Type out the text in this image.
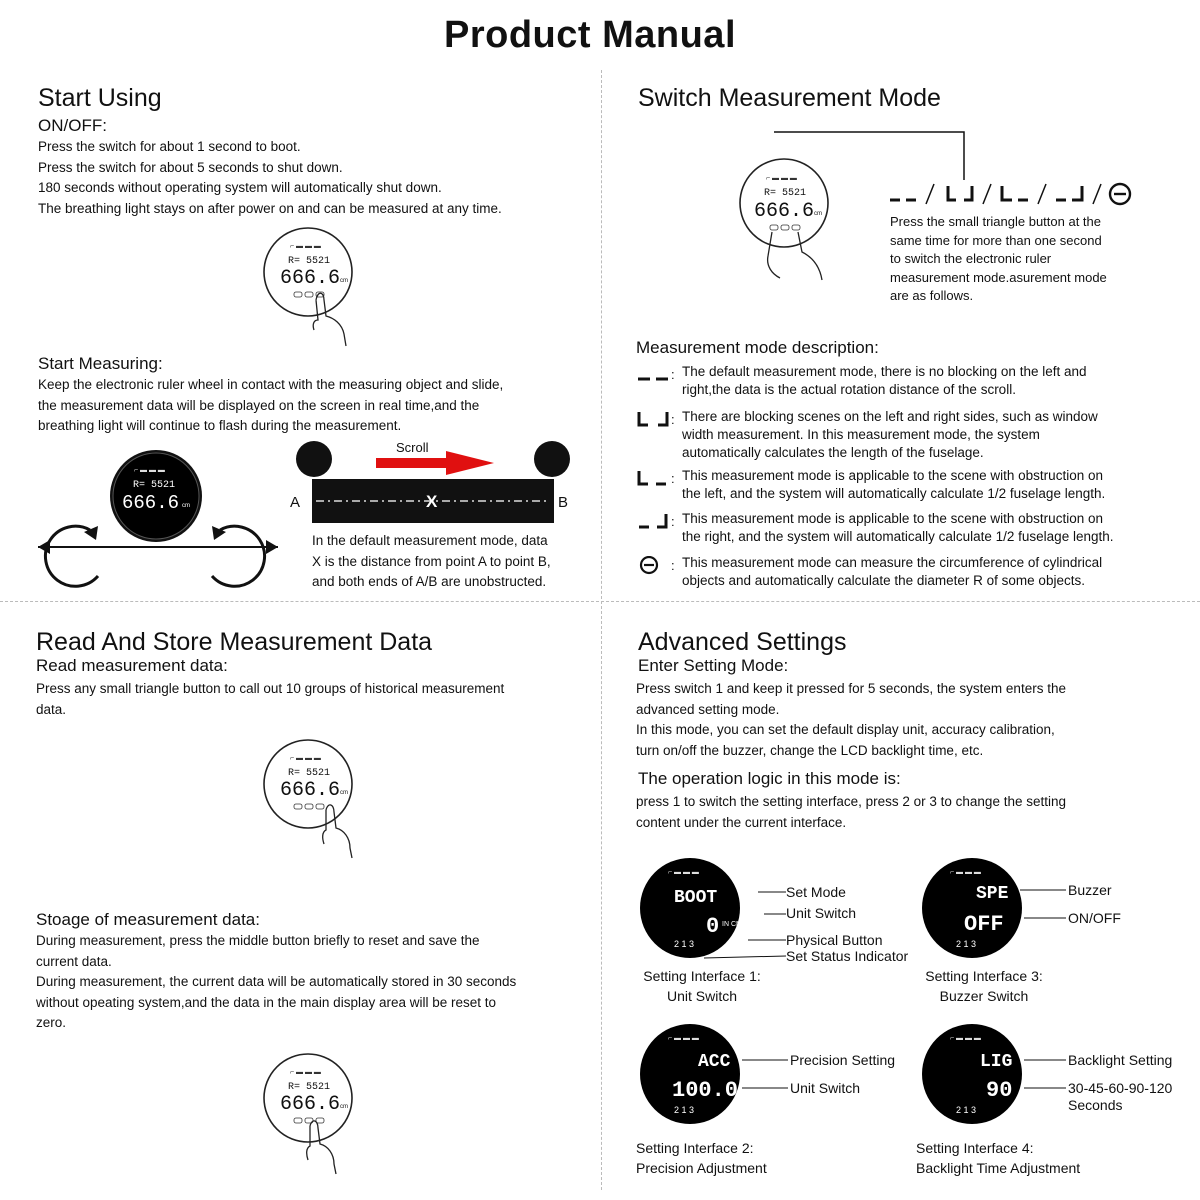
Product Manual
Start Using
ON/OFF:
Press the switch for about 1 second to boot.
Press the switch for about 5 seconds to shut down.
180 seconds without operating system will automatically shut down.
The breathing light stays on after power on and can be measured at any time.
⌐ ▬ ▬ ▬
R= 5521
666.6 cm
Start Measuring:
Keep the electronic ruler wheel in contact with the measuring object and slide,
the measurement data will be displayed on the screen in real time,and the
breathing light will continue to flash during the measurement.
⌐ ▬ ▬ ▬
R= 5521
666.6 cm
Scroll
A	B
X
In the default measurement mode, data
X is the distance from point A to point B,
and both ends of A/B are unobstructed.
Switch Measurement Mode
⌐ ▬ ▬ ▬
R= 5521
666.6 cm	Press the small triangle button at the
same time for more than one second
to switch the electronic ruler
measurement mode.asurement mode
are as follows.
Measurement mode description:
: The default measurement mode, there is no blocking on the left and
right,the data is the actual rotation distance of the scroll.
: There are blocking scenes on the left and right sides, such as window
width measurement. In this measurement mode, the system
automatically calculates the length of the fuselage.
: This measurement mode is applicable to the scene with obstruction on
the left, and the system will automatically calculate 1/2 fuselage length.
: This measurement mode is applicable to the scene with obstruction on
the right, and the system will automatically calculate 1/2 fuselage length.
: This measurement mode can measure the circumference of cylindrical
objects and automatically calculate the diameter R of some objects.
Read And Store Measurement Data
Read measurement data:
Press any small triangle button to call out 10 groups of historical measurement
data.
⌐ ▬ ▬ ▬
R= 5521
666.6 cm
Stoage of measurement data:
During measurement, press the middle button briefly to reset and save the
current data.
During measurement, the current data will be automatically stored in 30 seconds
without opeating system,and the data in the main display area will be reset to
zero.
⌐ ▬ ▬ ▬
R= 5521
666.6 cm
Advanced Settings
Enter Setting Mode:
Press switch 1 and keep it pressed for 5 seconds, the system enters the
advanced setting mode.
In this mode, you can set the default display unit, accuracy calibration,
turn on/off the buzzer, change the LCD backlight time, etc.
The operation logic in this mode is:
press 1 to switch the setting interface, press 2 or 3 to change the setting
content under the current interface.
⌐ ▬ ▬ ▬
BOOT
0 IN CM
2 1 3
Set Mode
Unit Switch
Physical Button
Set Status Indicator
Setting Interface 1:
Unit Switch
⌐ ▬ ▬ ▬
SPE
OFF
2 1 3
Buzzer
ON/OFF
Setting Interface 3:
Buzzer Switch
⌐ ▬ ▬ ▬
ACC
100.0
2 1 3
Precision Setting
Unit Switch
Setting Interface 2:
Precision Adjustment
⌐ ▬ ▬ ▬
LIG
90
2 1 3
Backlight Setting
30-45-60-90-120
Seconds
Setting Interface 4:
Backlight Time Adjustment
